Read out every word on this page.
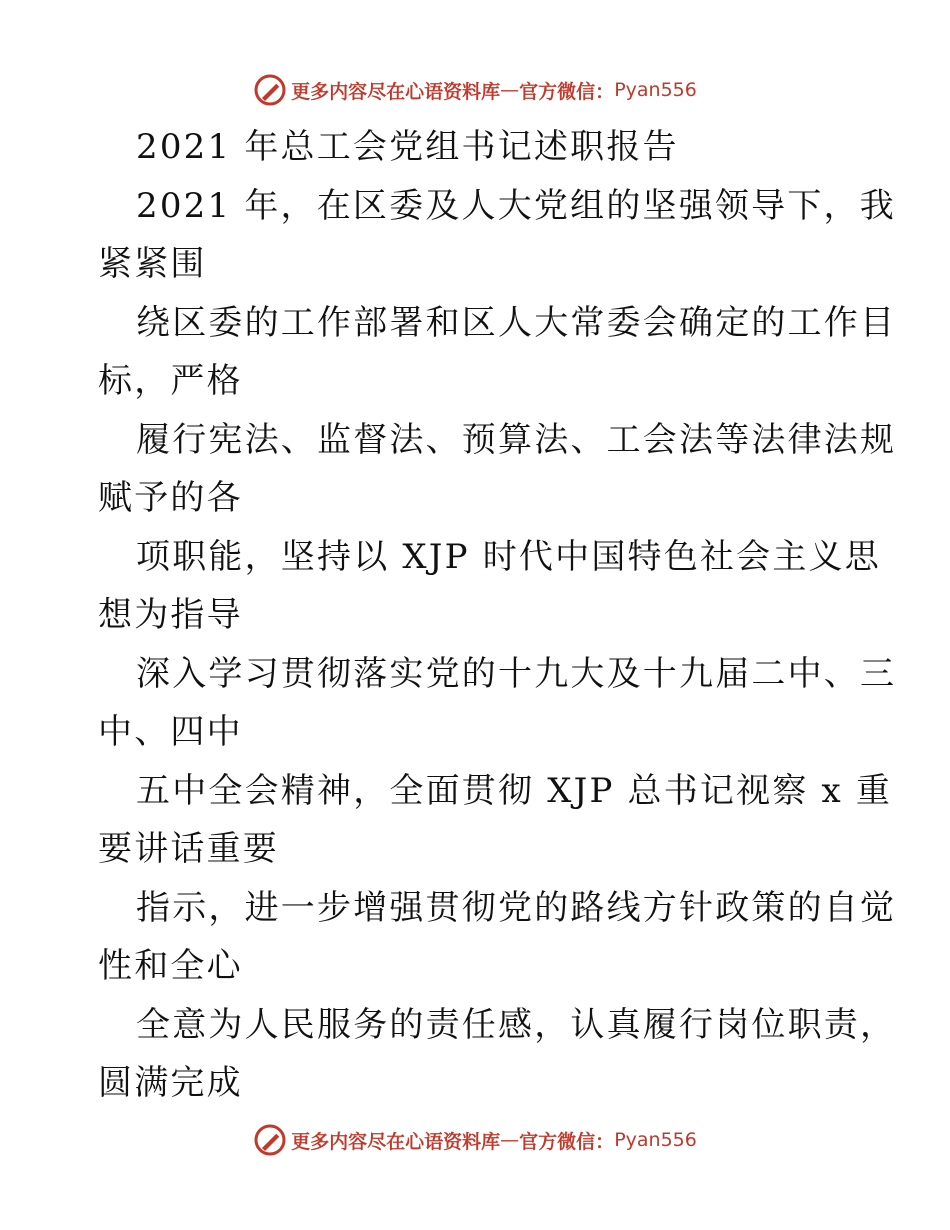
更多内容尽在心语资料库 — 官方微信： Pyan556
2021 年总工会党组书记述职报告
2021 年，在区委及人大党组的坚强领导下，我
紧紧围
绕区委的工作部署和区人大常委会确定的工作目
标，严格
履行宪法、监督法、预算法、工会法等法律法规
赋予的各
项职能，坚持以 XJP 时代中国特色社会主义思
想为指导
深入学习贯彻落实党的十九大及十九届二中、三
中、四中
五中全会精神，全面贯彻 XJP 总书记视察 x 重
要讲话重要
指示，进一步增强贯彻党的路线方针政策的自觉
性和全心
全意为人民服务的责任感，认真履行岗位职责，
圆满完成
更多内容尽在心语资料库 — 官方微信： Pyan556
